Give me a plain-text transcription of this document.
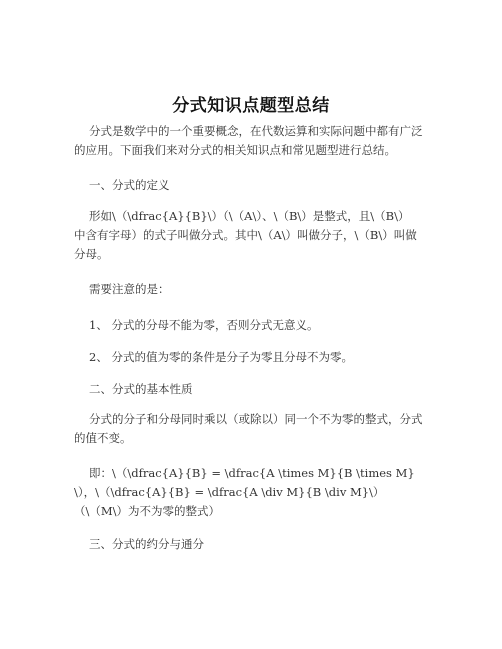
分式知识点题型总结
分式是数学中的一个重要概念，在代数运算和实际问题中都有广泛
的应用。下面我们来对分式的相关知识点和常见题型进行总结。
一、分式的定义
形如\（\dfrac{A}{B}\）（\（A\）、\（B\）是整式，且\（B\）
中含有字母）的式子叫做分式。其中\（A\）叫做分子，\（B\）叫做
分母。
需要注意的是：
1、 分式的分母不能为零，否则分式无意义。
2、 分式的值为零的条件是分子为零且分母不为零。
二、分式的基本性质
分式的分子和分母同时乘以（或除以）同一个不为零的整式，分式
的值不变。
即：\（\dfrac{A}{B} = \dfrac{A \times M}{B \times M}
\），\（\dfrac{A}{B} = \dfrac{A \div M}{B \div M}\）
（\（M\）为不为零的整式）
三、分式的约分与通分
